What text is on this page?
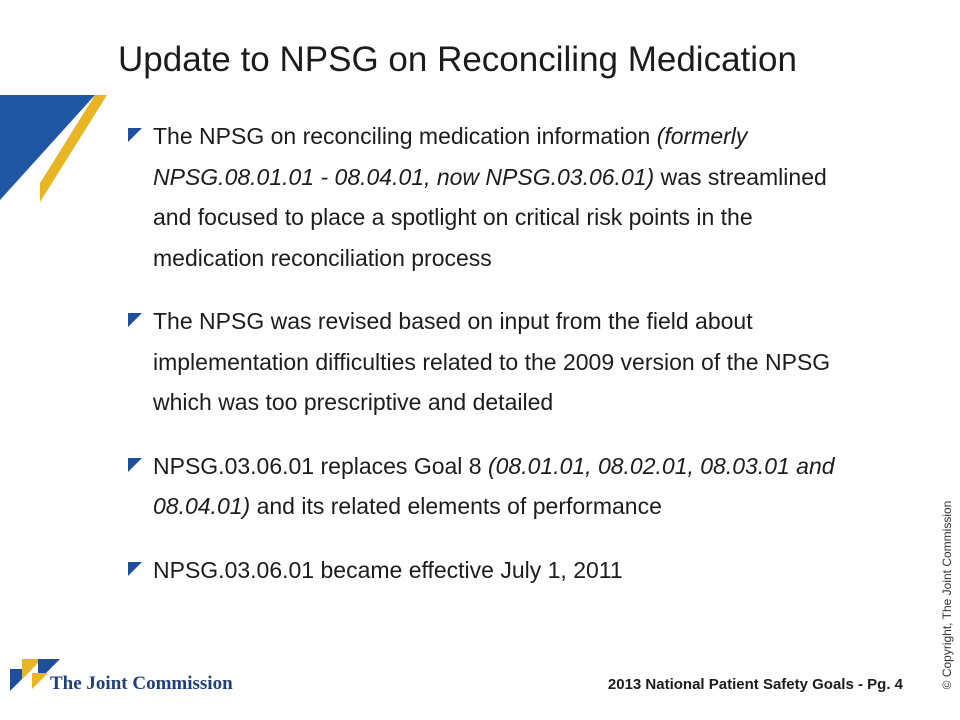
Update to NPSG on Reconciling Medication
The NPSG on reconciling medication information (formerly NPSG.08.01.01 - 08.04.01, now NPSG.03.06.01) was streamlined and focused to place a spotlight on critical risk points in the medication reconciliation process
The NPSG was revised based on input from the field about implementation difficulties related to the 2009 version of the NPSG which was too prescriptive and detailed
NPSG.03.06.01 replaces Goal 8 (08.01.01, 08.02.01, 08.03.01 and 08.04.01) and its related elements of performance
NPSG.03.06.01 became effective July 1, 2011
The Joint Commission	2013 National Patient Safety Goals - Pg. 4	© Copyright, The Joint Commission
